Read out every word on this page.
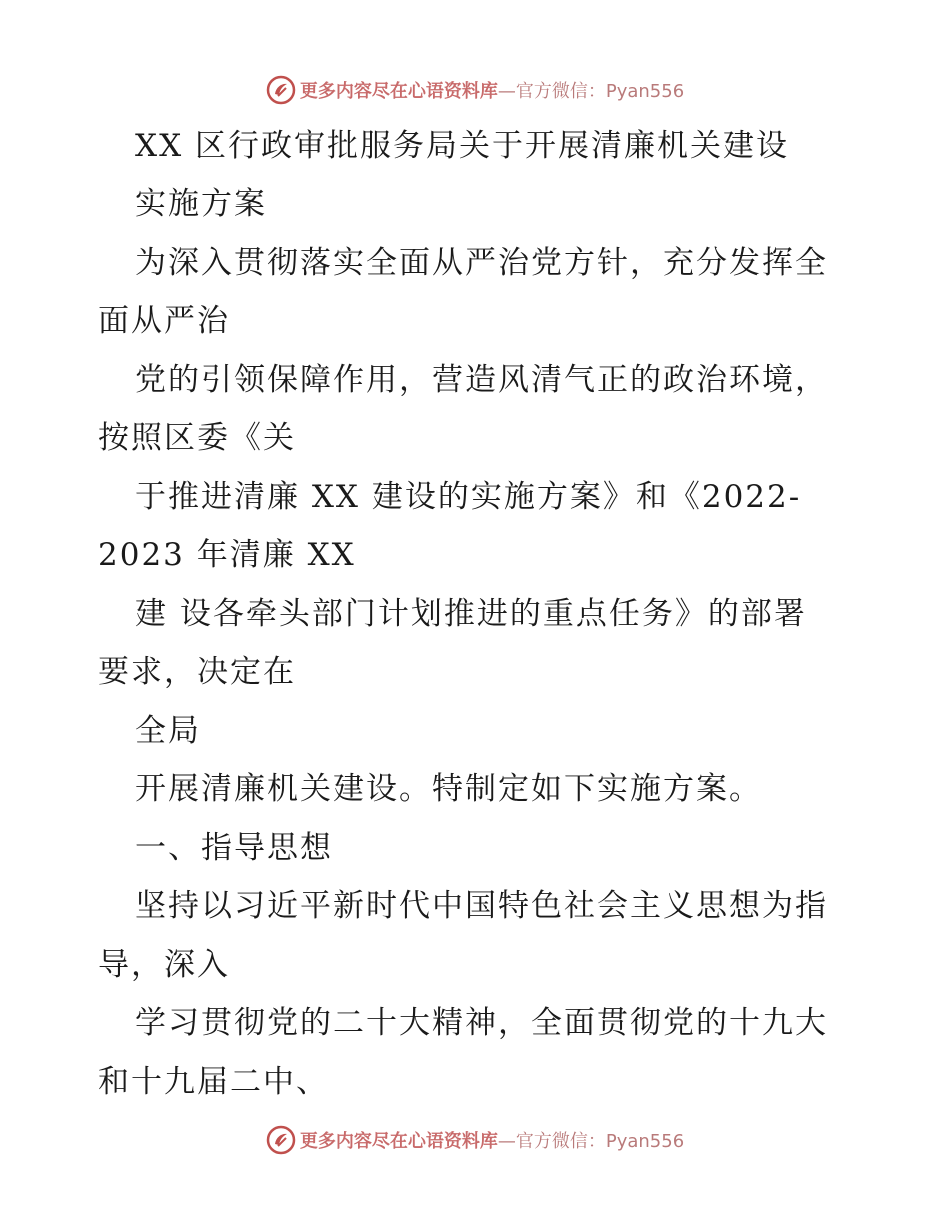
更多内容尽在心语资料库—官方微信：Pyan556
XX 区行政审批服务局关于开展清廉机关建设
实施方案
为深入贯彻落实全面从严治党方针，充分发挥全
面从严治
党的引领保障作用，营造风清气正的政治环境，
按照区委《关
于推进清廉 XX 建设的实施方案》和《2022-
2023 年清廉 XX
建 设各牵头部门计划推进的重点任务》的部署
要求，决定在
全局
开展清廉机关建设。特制定如下实施方案。
一、指导思想
坚持以习近平新时代中国特色社会主义思想为指
导，深入
学习贯彻党的二十大精神，全面贯彻党的十九大
和十九届二中、
更多内容尽在心语资料库—官方微信：Pyan556
